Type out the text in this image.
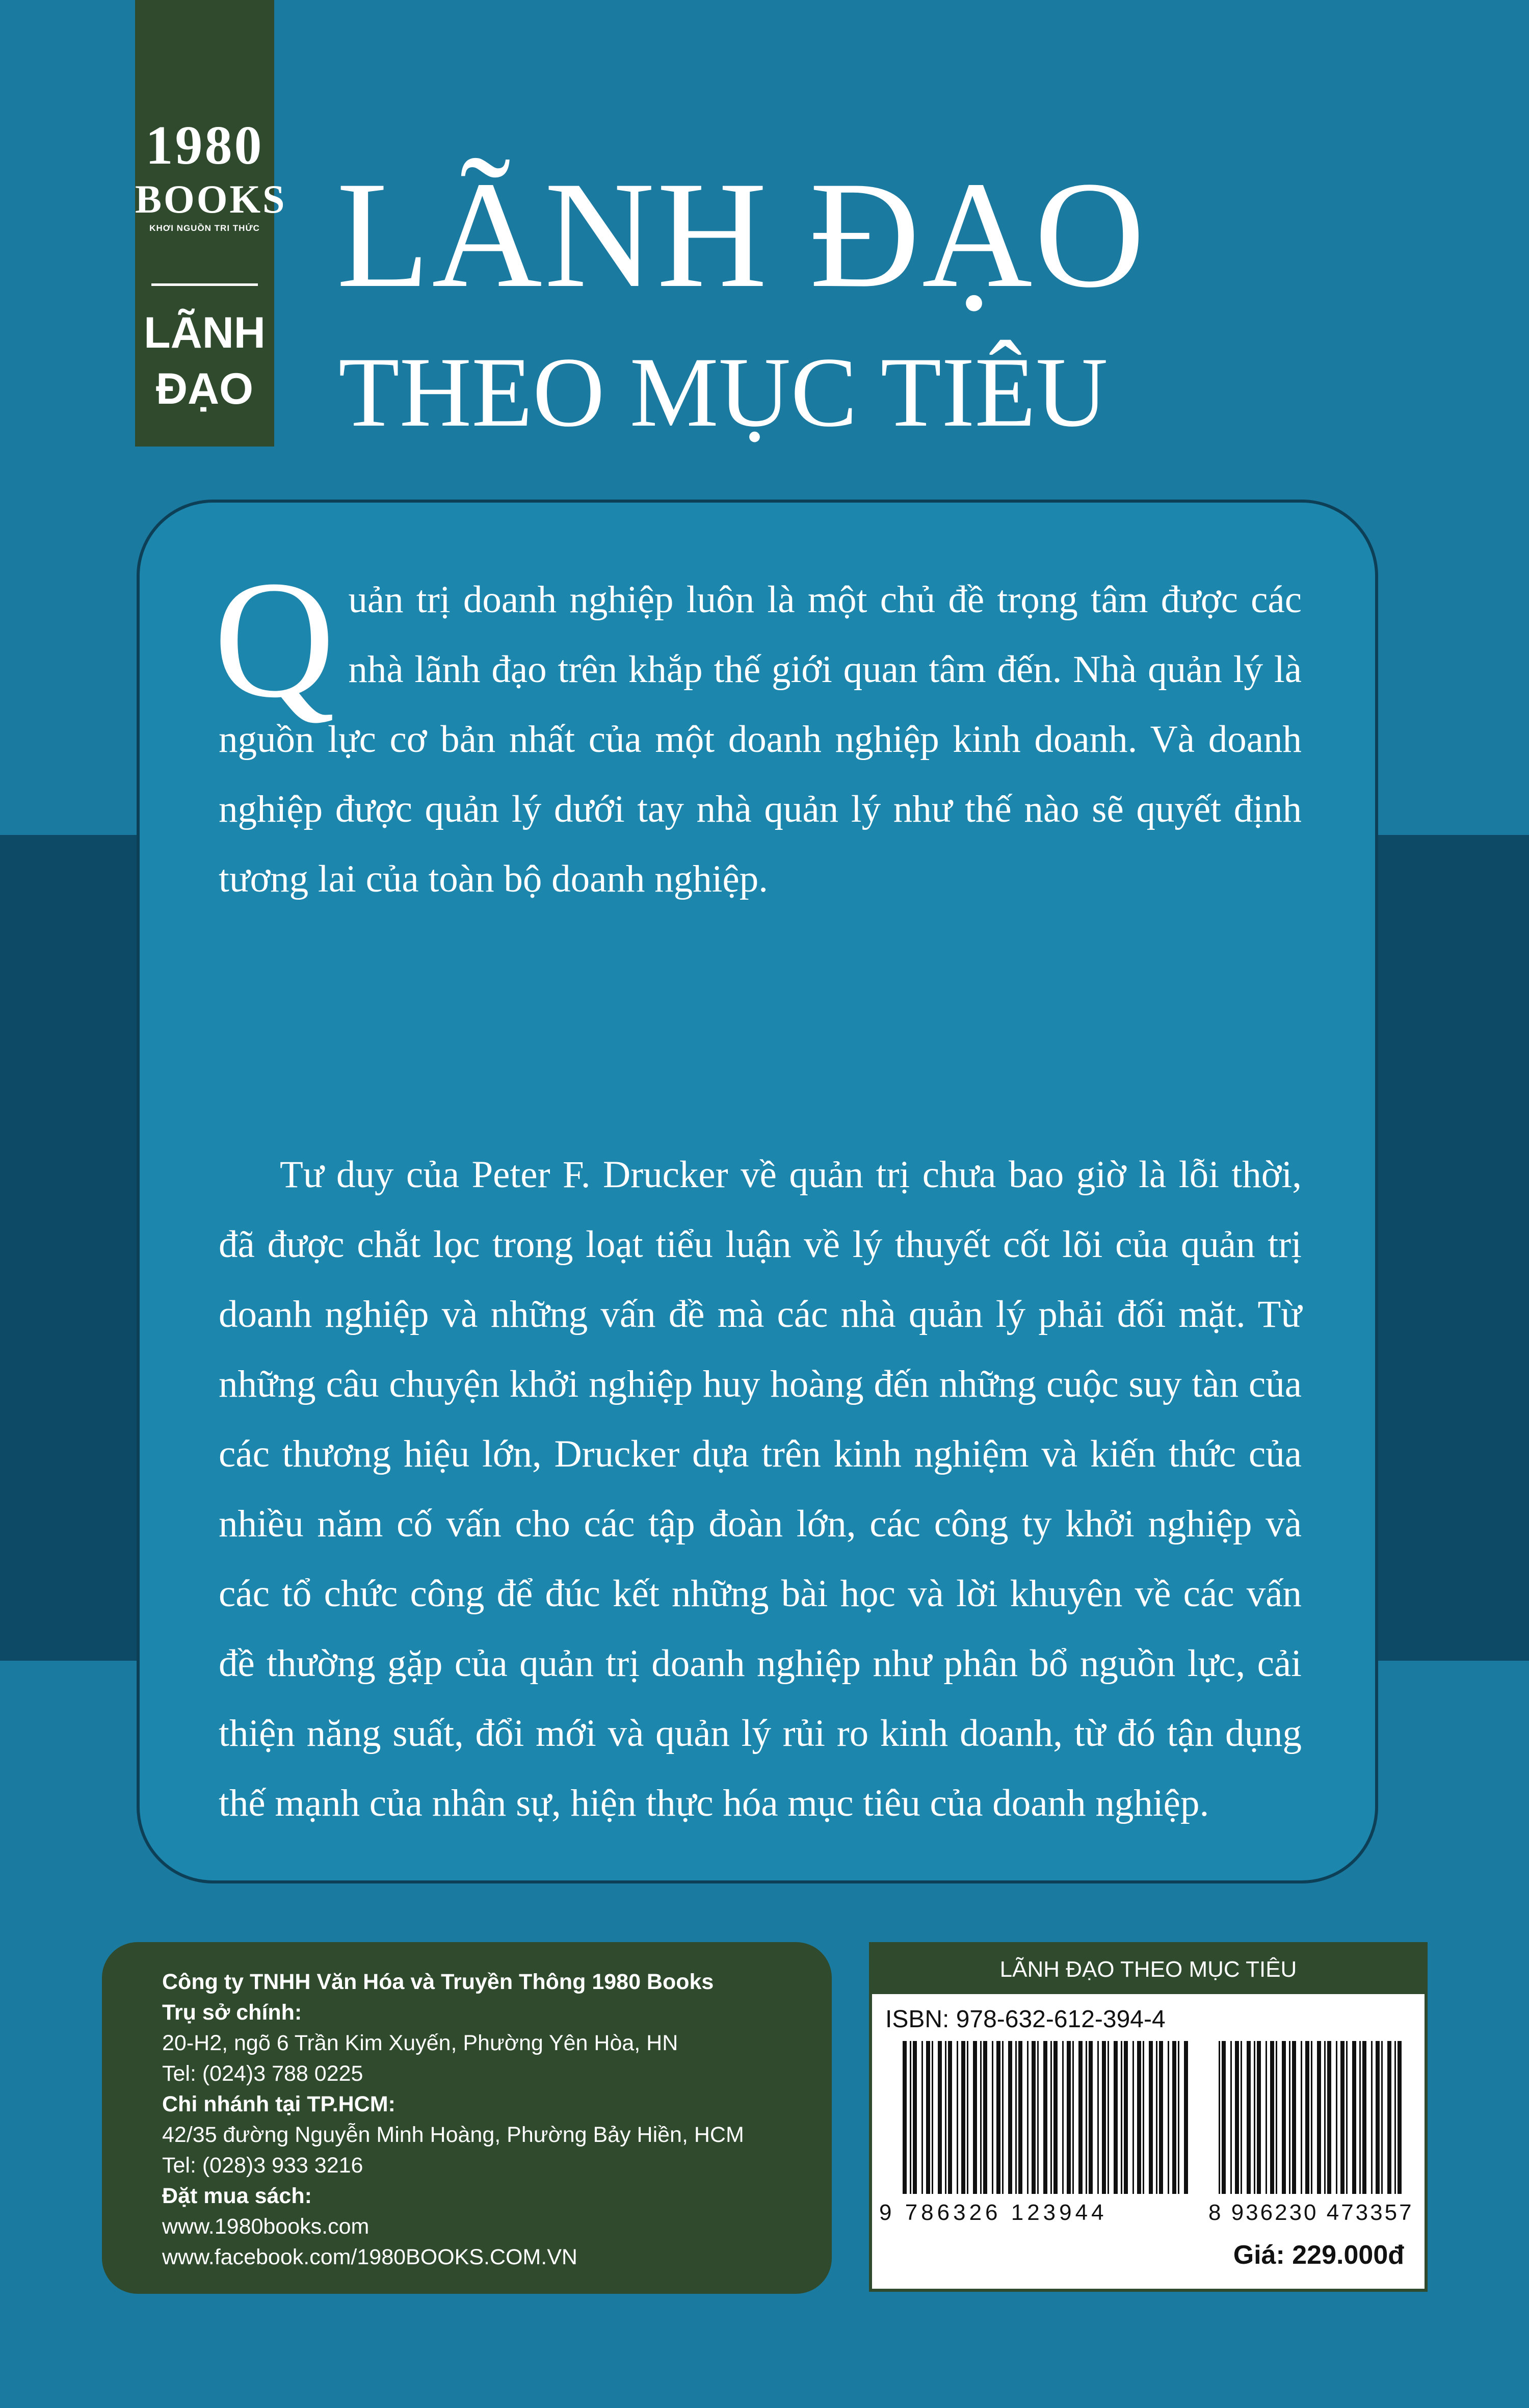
1980
BOOKS
KHƠI NGUỒN TRI THỨC
LÃNH
ĐẠO
LÃNH ĐẠO
THEO MỤC TIÊU

Quản trị doanh nghiệp luôn là một chủ đề trọng tâm được các nhà lãnh đạo trên khắp thế giới quan tâm đến. Nhà quản lý là nguồn lực cơ bản nhất của một doanh nghiệp kinh doanh. Và doanh nghiệp được quản lý dưới tay nhà quản lý như thế nào sẽ quyết định tương lai của toàn bộ doanh nghiệp.

Tư duy của Peter F. Drucker về quản trị chưa bao giờ là lỗi thời, đã được chắt lọc trong loạt tiểu luận về lý thuyết cốt lõi của quản trị doanh nghiệp và những vấn đề mà các nhà quản lý phải đối mặt. Từ những câu chuyện khởi nghiệp huy hoàng đến những cuộc suy tàn của các thương hiệu lớn, Drucker dựa trên kinh nghiệm và kiến thức của nhiều năm cố vấn cho các tập đoàn lớn, các công ty khởi nghiệp và các tổ chức công để đúc kết những bài học và lời khuyên về các vấn đề thường gặp của quản trị doanh nghiệp như phân bổ nguồn lực, cải thiện năng suất, đổi mới và quản lý rủi ro kinh doanh, từ đó tận dụng thế mạnh của nhân sự, hiện thực hóa mục tiêu của doanh nghiệp.

Công ty TNHH Văn Hóa và Truyền Thông 1980 Books
Trụ sở chính:
20-H2, ngõ 6 Trần Kim Xuyến, Phường Yên Hòa, HN
Tel: (024)3 788 0225
Chi nhánh tại TP.HCM:
42/35 đường Nguyễn Minh Hoàng, Phường Bảy Hiền, HCM
Tel: (028)3 933 3216
Đặt mua sách:
www.1980books.com
www.facebook.com/1980BOOKS.COM.VN
LÃNH ĐẠO THEO MỤC TIÊU
ISBN: 978-632-612-394-4
9 786326 123944	8 936230 473357
Giá: 229.000đ
